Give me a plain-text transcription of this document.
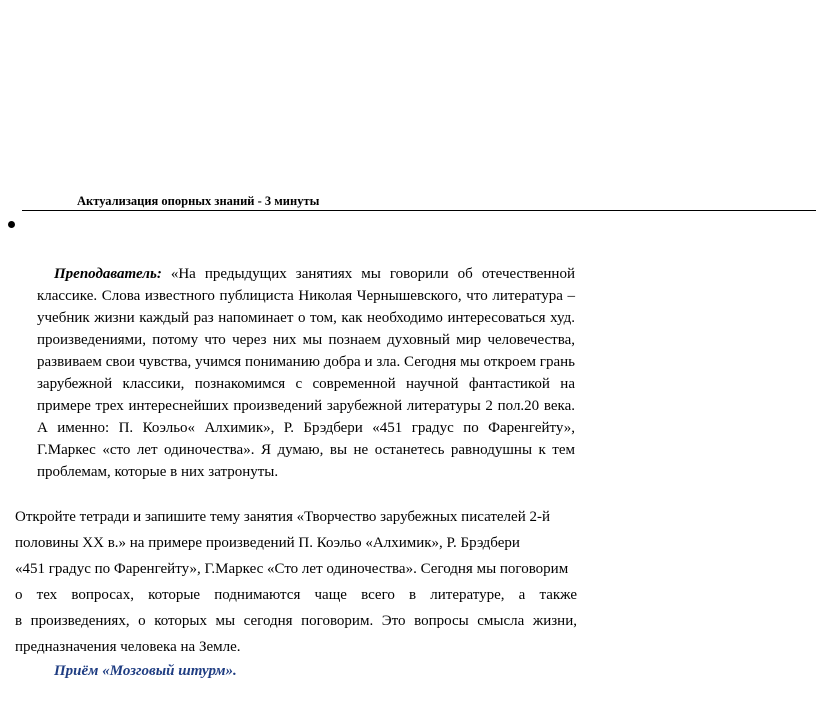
Актуализация опорных знаний - 3 минуты

Преподаватель: «На предыдущих занятиях мы говорили об отечественной классике. Слова известного публициста Николая Чернышевского, что литература – учебник жизни каждый раз напоминает о том, как необходимо интересоваться худ. произведениями, потому что через них мы познаем духовный мир человечества, развиваем свои чувства, учимся пониманию добра и зла. Сегодня мы откроем грань зарубежной классики, познакомимся с современной научной фантастикой на примере трех интереснейших произведений зарубежной литературы 2 пол.20 века. А именно: П. Коэльо« Алхимик», Р. Брэдбери «451 градус по Фаренгейту», Г.Маркес «сто лет одиночества». Я думаю, вы не останетесь равнодушны к тем проблемам, которые в них затронуты.

Откройте тетради и запишите тему занятия «Творчество зарубежных писателей 2-й
половины ХХ в.» на примере произведений П. Коэльо «Алхимик», Р. Брэдбери
«451 градус по Фаренгейту», Г.Маркес «Сто лет одиночества». Сегодня мы поговорим
о тех вопросах, которые поднимаются чаще всего в литературе, а также
в произведениях, о которых мы сегодня поговорим. Это вопросы смысла жизни,
предназначения человека на Земле.

Приём «Мозговый штурм».
